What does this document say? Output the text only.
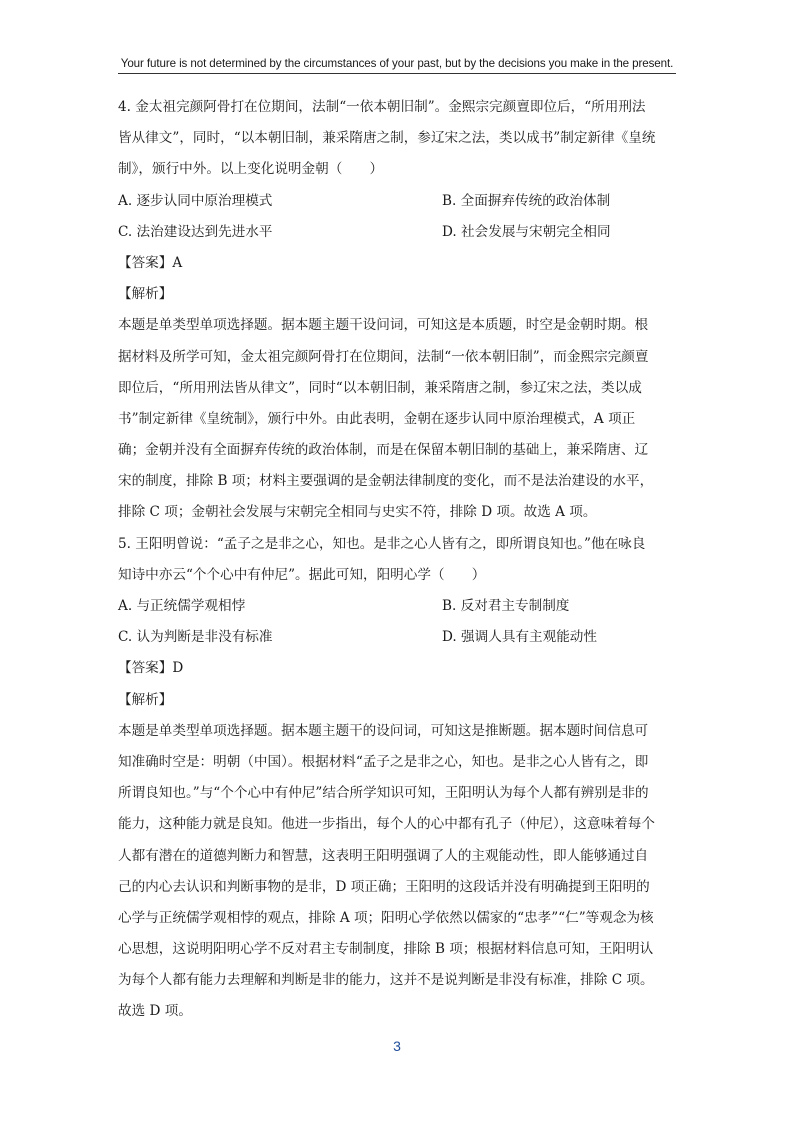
Your future is not determined by the circumstances of your past, but by the decisions you make in the present.
4. 金太祖完颜阿骨打在位期间，法制“一依本朝旧制”。金熙宗完颜亶即位后，“所用刑法
皆从律文”，同时，“以本朝旧制，兼采隋唐之制，参辽宋之法，类以成书”制定新律《皇统
制》，颁行中外。以上变化说明金朝（　　）
A. 逐步认同中原治理模式	B. 全面摒弃传统的政治体制
C. 法治建设达到先进水平	D. 社会发展与宋朝完全相同
【答案】A
【解析】
本题是单类型单项选择题。据本题主题干设问词，可知这是本质题，时空是金朝时期。根
据材料及所学可知，金太祖完颜阿骨打在位期间，法制“一依本朝旧制”，而金熙宗完颜亶
即位后，“所用刑法皆从律文”，同时“以本朝旧制，兼采隋唐之制，参辽宋之法，类以成
书”制定新律《皇统制》，颁行中外。由此表明，金朝在逐步认同中原治理模式，A 项正
确；金朝并没有全面摒弃传统的政治体制，而是在保留本朝旧制的基础上，兼采隋唐、辽
宋的制度，排除 B 项；材料主要强调的是金朝法律制度的变化，而不是法治建设的水平，
排除 C 项；金朝社会发展与宋朝完全相同与史实不符，排除 D 项。故选 A 项。
5. 王阳明曾说：“孟子之是非之心，知也。是非之心人皆有之，即所谓良知也。”他在咏良
知诗中亦云“个个心中有仲尼”。据此可知，阳明心学（　　）
A. 与正统儒学观相悖	B. 反对君主专制制度
C. 认为判断是非没有标准	D. 强调人具有主观能动性
【答案】D
【解析】
本题是单类型单项选择题。据本题主题干的设问词，可知这是推断题。据本题时间信息可
知准确时空是：明朝（中国）。根据材料“孟子之是非之心，知也。是非之心人皆有之，即
所谓良知也。”与“个个心中有仲尼”结合所学知识可知，王阳明认为每个人都有辨别是非的
能力，这种能力就是良知。他进一步指出，每个人的心中都有孔子（仲尼），这意味着每个
人都有潜在的道德判断力和智慧，这表明王阳明强调了人的主观能动性，即人能够通过自
己的内心去认识和判断事物的是非，D 项正确；王阳明的这段话并没有明确提到王阳明的
心学与正统儒学观相悖的观点，排除 A 项；阳明心学依然以儒家的“忠孝”“仁”等观念为核
心思想，这说明阳明心学不反对君主专制制度，排除 B 项；根据材料信息可知，王阳明认
为每个人都有能力去理解和判断是非的能力，这并不是说判断是非没有标准，排除 C 项。
故选 D 项。
3
